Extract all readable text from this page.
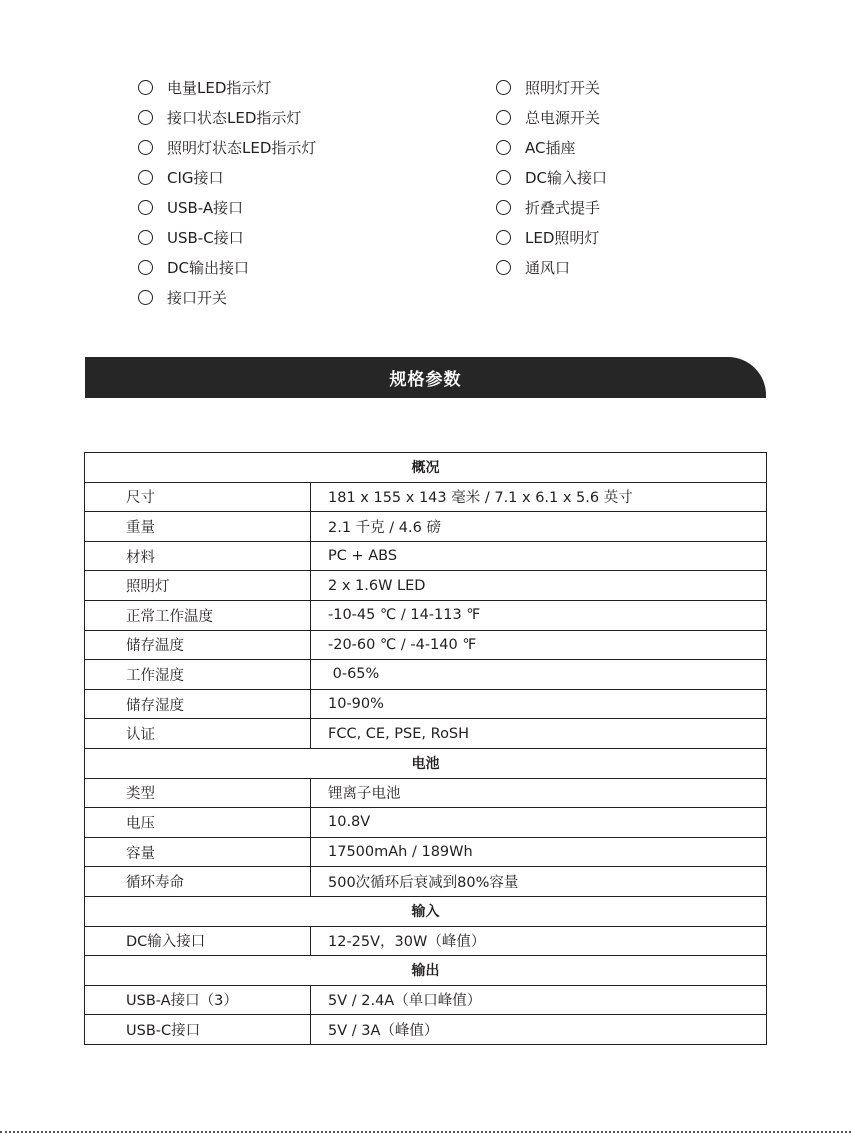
电量LED指示灯
接口状态LED指示灯
照明灯状态LED指示灯
CIG接口
USB-A接口
USB-C接口
DC输出接口
接口开关
照明灯开关
总电源开关
AC插座
DC输入接口
折叠式提手
LED照明灯
通风口
规格参数
概况	
尺寸	181 x 155 x 143 毫米 / 7.1 x 6.1 x 5.6 英寸
重量	2.1 千克 / 4.6 磅
材料	PC + ABS
照明灯	2 x 1.6W LED
正常工作温度	-10-45 ℃ / 14-113 ℉
储存温度	-20-60 ℃ / -4-140 ℉
工作湿度	0-65%
储存湿度	10-90%
认证	FCC, CE, PSE, RoSH
电池	
类型	锂离子电池
电压	10.8V
容量	17500mAh / 189Wh
循环寿命	500次循环后衰减到80%容量
输入	
DC输入接口	12-25V，30W（峰值）
输出	
USB-A接口（3）	5V / 2.4A（单口峰值）
USB-C接口	5V / 3A（峰值）
